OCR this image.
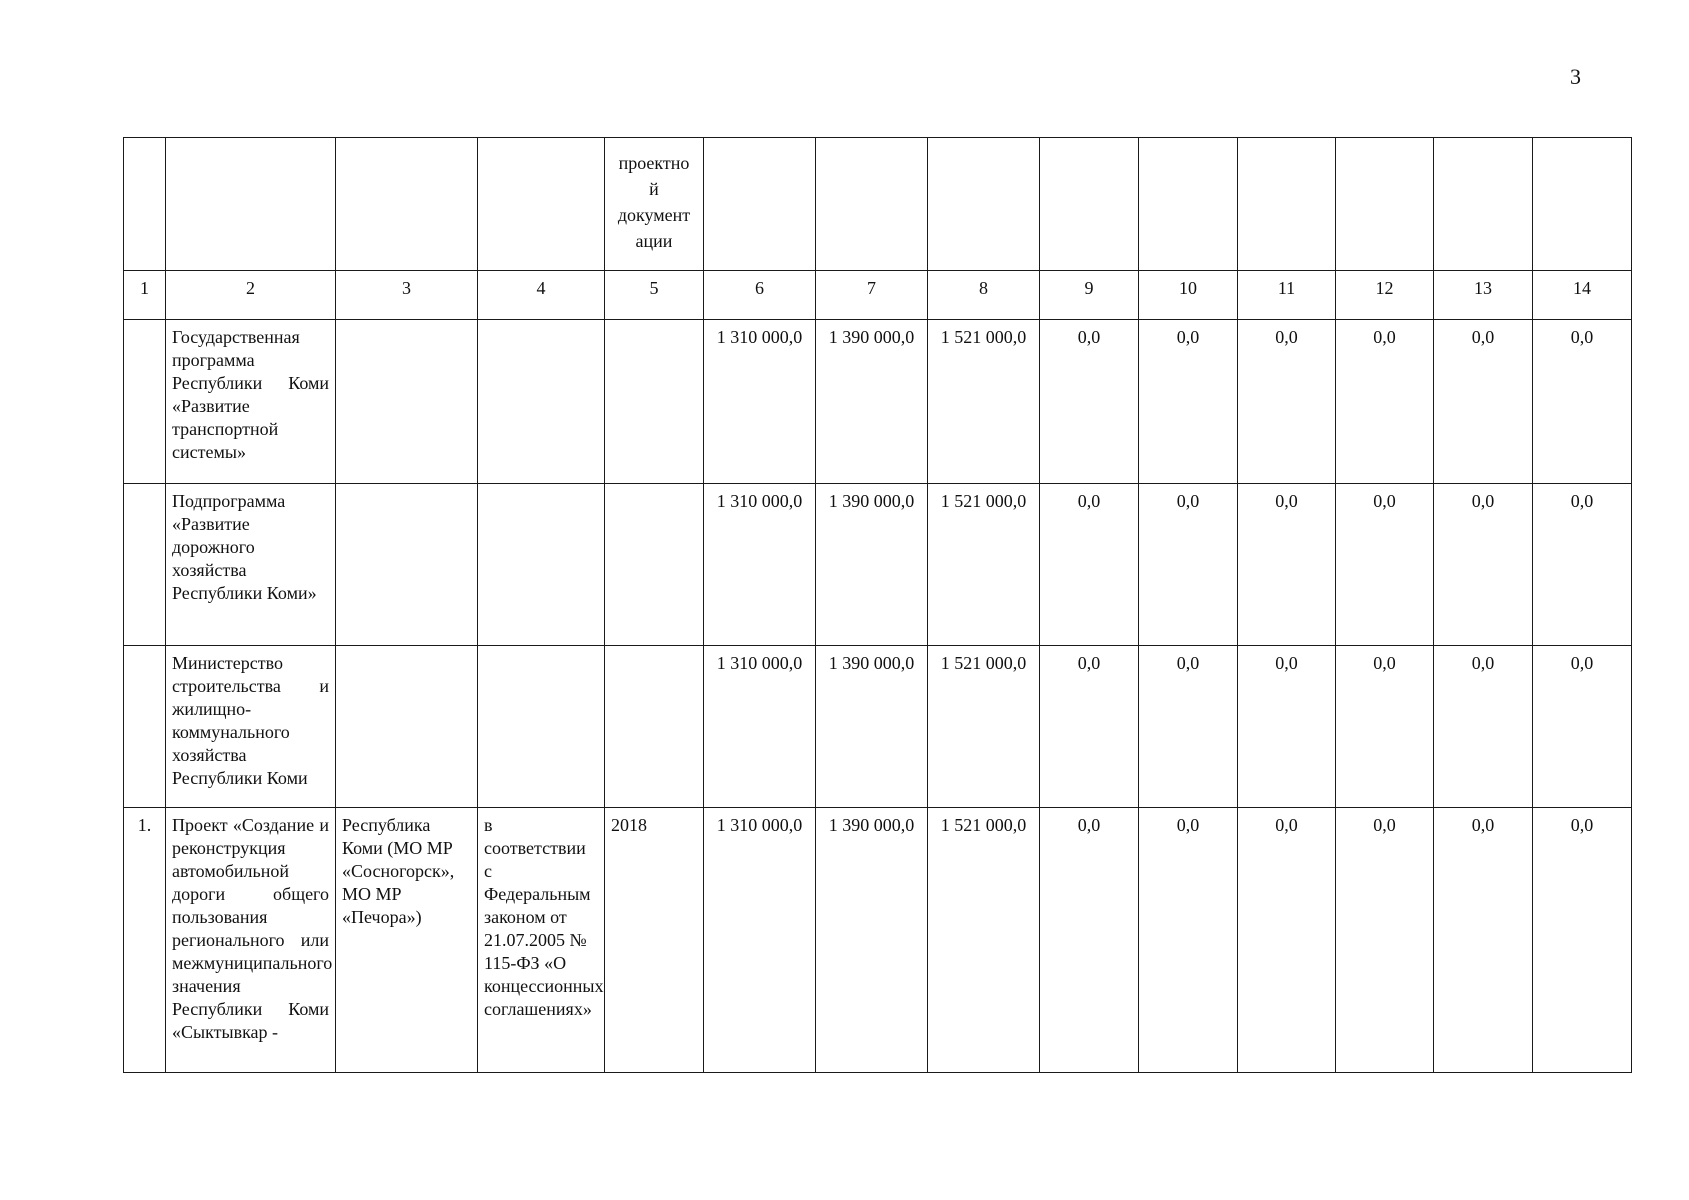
3
				проектно
й
документ
ации									
1	2	3	4	5	6	7	8	9	10	11	12	13	14
	Государственная программа Республики Коми «Развитие транспортной системы»				1 310 000,0	1 390 000,0	1 521 000,0	0,0	0,0	0,0	0,0	0,0	0,0
	Подпрограмма «Развитие дорожного хозяйства Республики Коми»				1 310 000,0	1 390 000,0	1 521 000,0	0,0	0,0	0,0	0,0	0,0	0,0
	Министерство строительства и жилищно-коммунального хозяйства Республики Коми				1 310 000,0	1 390 000,0	1 521 000,0	0,0	0,0	0,0	0,0	0,0	0,0
1.	Проект «Создание и реконструкция автомобильной дороги общего пользования регионального или межмуниципального значения Республики Коми «Сыктывкар -	Республика Коми (МО МР «Сосногорск», МО МР «Печора»)	в соответствии с Федеральным законом от 21.07.2005 № 115-ФЗ «О концессионных соглашениях»	2018	1 310 000,0	1 390 000,0	1 521 000,0	0,0	0,0	0,0	0,0	0,0	0,0
